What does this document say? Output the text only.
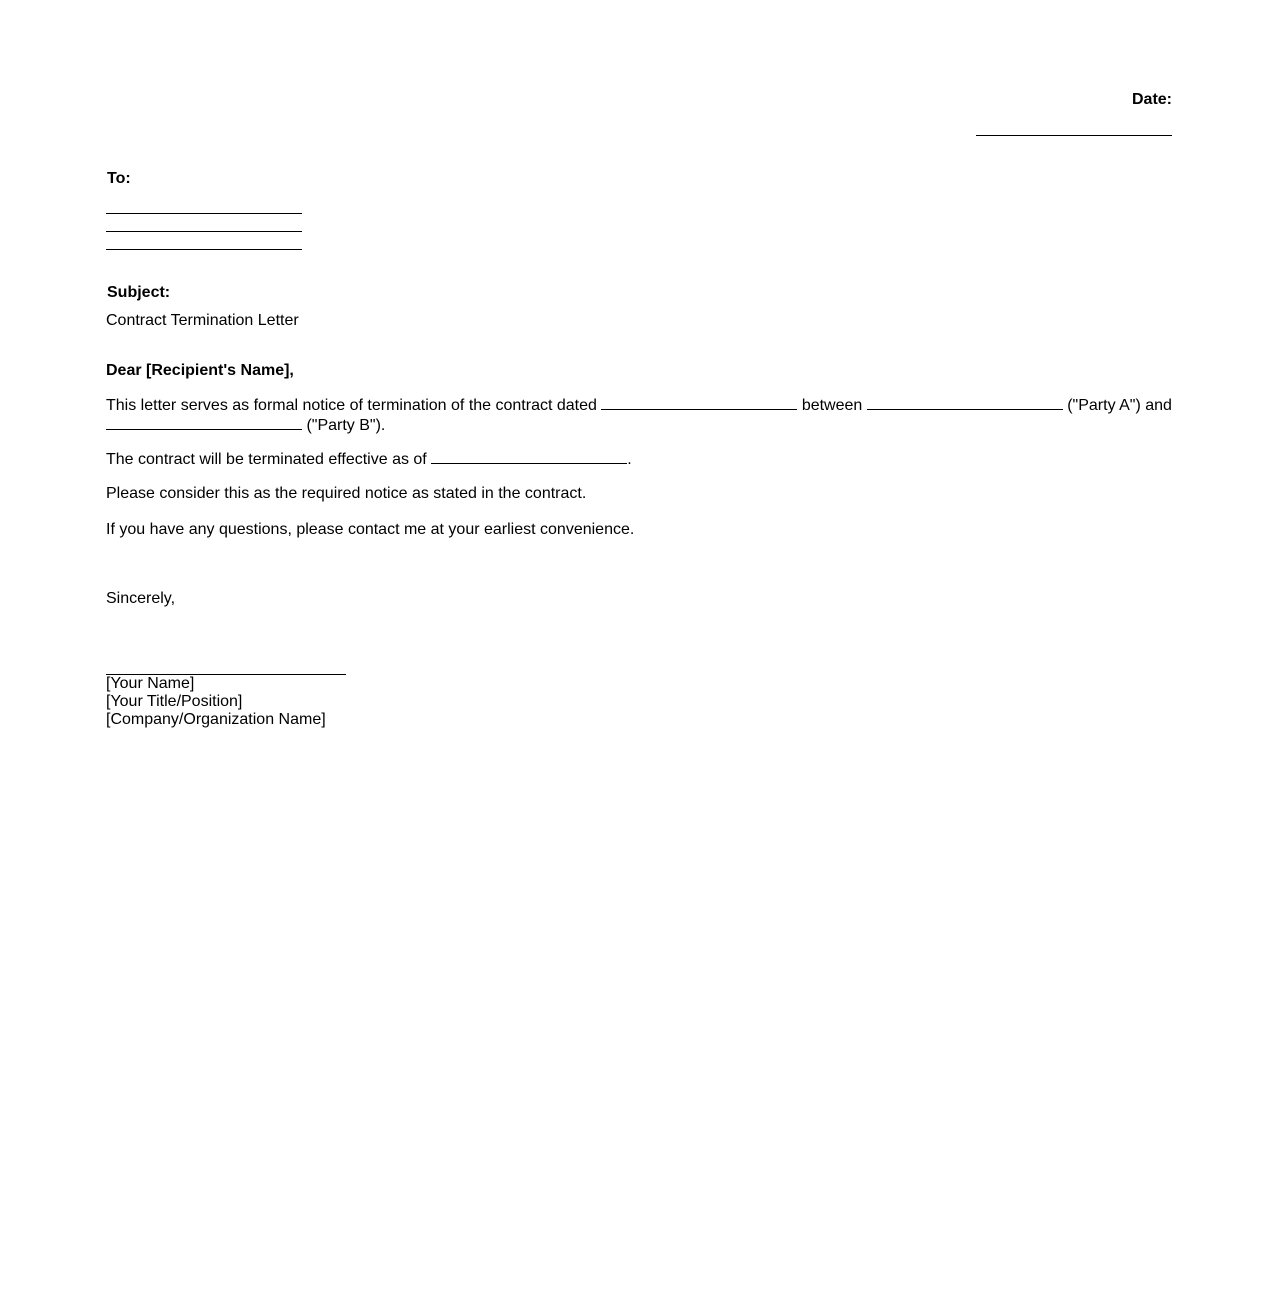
Date:
To:
Subject:
Contract Termination Letter
Dear [Recipient's Name],
This letter serves as formal notice of termination of the contract dated	between	("Party A") and
("Party B").
The contract will be terminated effective as of	.
Please consider this as the required notice as stated in the contract.
If you have any questions, please contact me at your earliest convenience.
Sincerely,
[Your Name]
[Your Title/Position]
[Company/Organization Name]
